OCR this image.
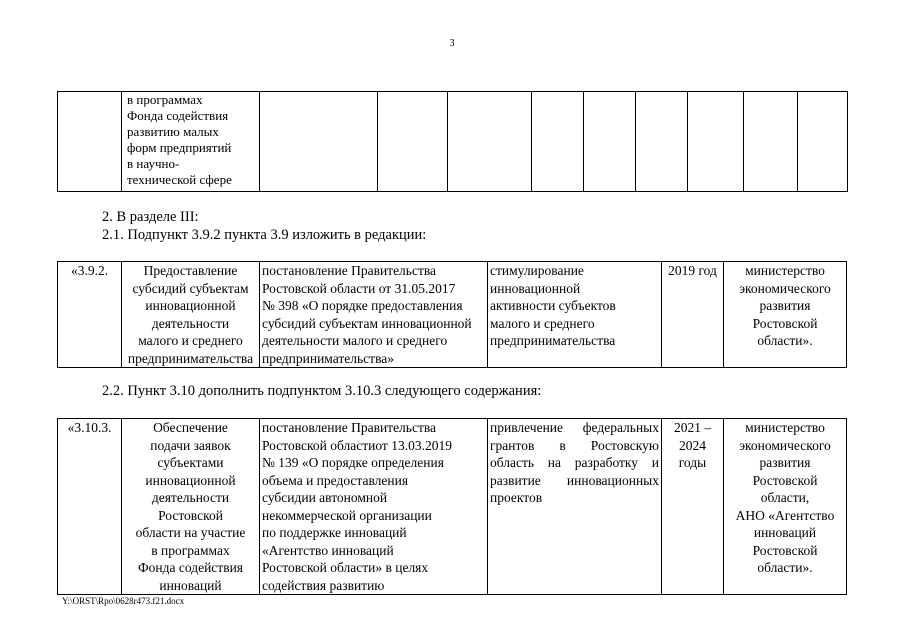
3
	в программах
Фонда содействия
развитию малых
форм предприятий
в научно-
технической сфере										
2. В разделе III:
2.1. Подпункт 3.9.2 пункта 3.9 изложить в редакции:
«3.9.2.	Предоставление
субсидий субъектам
инновационной
деятельности
малого и среднего
предпринимательства	постановление Правительства
Ростовской области от 31.05.2017
№ 398 «О порядке предоставления
субсидий субъектам инновационной
деятельности малого и среднего
предпринимательства»	стимулирование
инновационной
активности субъектов
малого и среднего
предпринимательства	2019 год	министерство
экономического
развития
Ростовской
области».
2.2. Пункт 3.10 дополнить подпунктом 3.10.3 следующего содержания:
«3.10.3.	Обеспечение
подачи заявок
субъектами
инновационной
деятельности
Ростовской
области на участие
в программах
Фонда содействия
инноваций	постановление Правительства
Ростовской областиот 13.03.2019
№ 139 «О порядке определения
объема и предоставления
субсидии автономной
некоммерческой организации
по поддержке инноваций
«Агентство инноваций
Ростовской области» в целях
содействия развитию	привлечение федеральных грантов в Ростовскую область на разработку и развитие инновационных проектов	2021 –
2024
годы	министерство
экономического
развития
Ростовской
области,
АНО «Агентство
инноваций
Ростовской
области».
Y:\ORST\Rpo\0628r473.f21.docx
